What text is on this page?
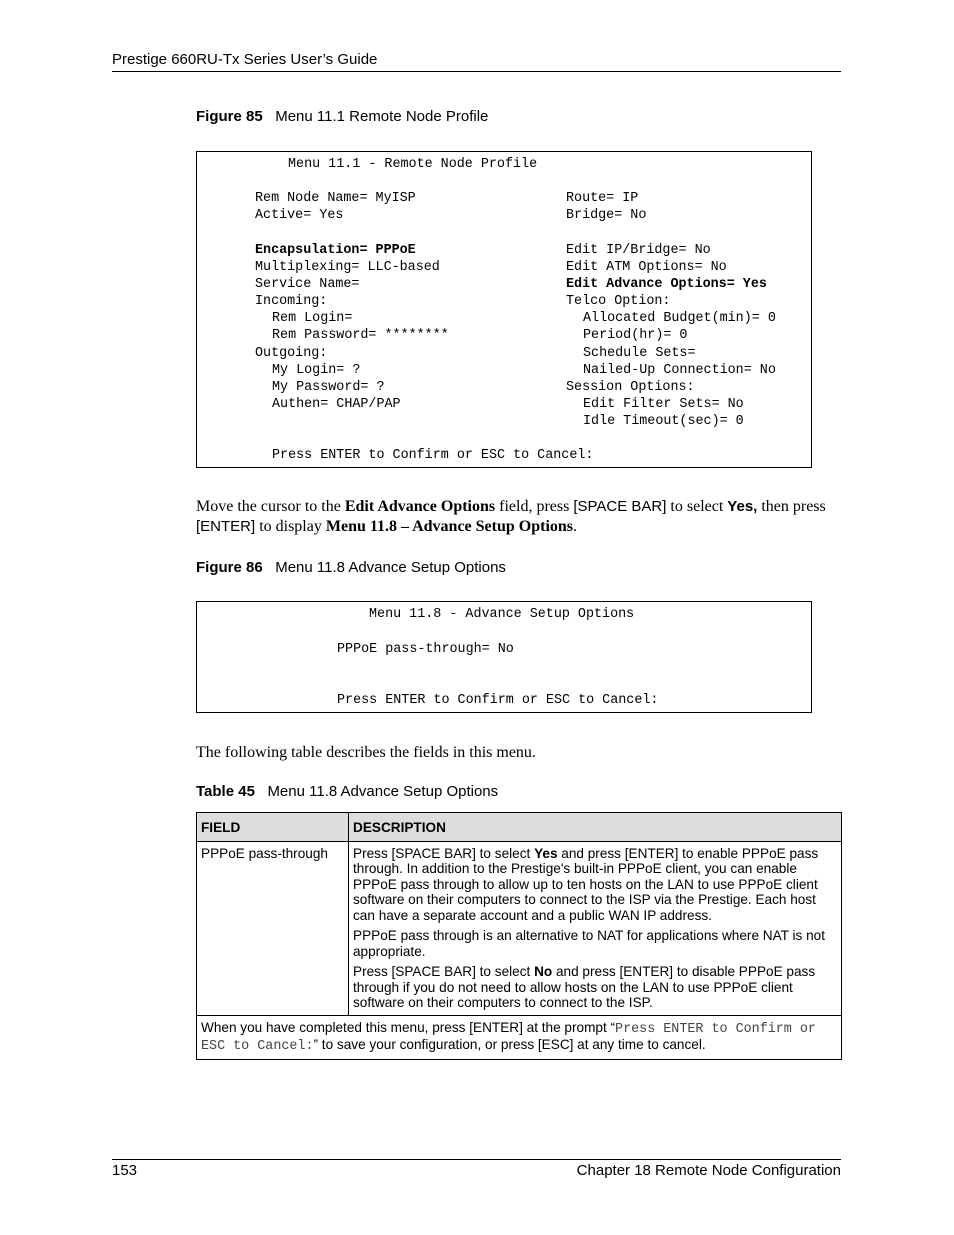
Prestige 660RU-Tx Series User’s Guide
Figure 85 Menu 11.1 Remote Node Profile
Menu 11.1 - Remote Node Profile
Rem Node Name= MyISP
Active= Yes
Encapsulation= PPPoE
Multiplexing= LLC-based
Service Name=
Incoming:
Rem Login=
Rem Password= ********
Outgoing:
My Login= ?
My Password= ?
Authen= CHAP/PAP
Route= IP
Bridge= No
Edit IP/Bridge= No
Edit ATM Options= No
Edit Advance Options= Yes
Telco Option:
Allocated Budget(min)= 0
Period(hr)= 0
Schedule Sets=
Nailed-Up Connection= No
Session Options:
Edit Filter Sets= No
Idle Timeout(sec)= 0
Press ENTER to Confirm or ESC to Cancel:
Move the cursor to the Edit Advance Options field, press [SPACE BAR] to select Yes, then press [ENTER] to display Menu 11.8 – Advance Setup Options.
Figure 86 Menu 11.8 Advance Setup Options
Menu 11.8 - Advance Setup Options
PPPoE pass-through= No
Press ENTER to Confirm or ESC to Cancel:
The following table describes the fields in this menu.
Table 45 Menu 11.8 Advance Setup Options
FIELD	DESCRIPTION
PPPoE pass-through	Press [SPACE BAR] to select Yes and press [ENTER] to enable PPPoE pass through. In addition to the Prestige's built-in PPPoE client, you can enable PPPoE pass through to allow up to ten hosts on the LAN to use PPPoE client software on their computers to connect to the ISP via the Prestige. Each host can have a separate account and a public WAN IP address.

PPPoE pass through is an alternative to NAT for applications where NAT is not appropriate.

Press [SPACE BAR] to select No and press [ENTER] to disable PPPoE pass through if you do not need to allow hosts on the LAN to use PPPoE client software on their computers to connect to the ISP.

When you have completed this menu, press [ENTER] at the prompt “Press ENTER to Confirm or ESC to Cancel:” to save your configuration, or press [ESC] at any time to cancel.	
153	Chapter 18 Remote Node Configuration
